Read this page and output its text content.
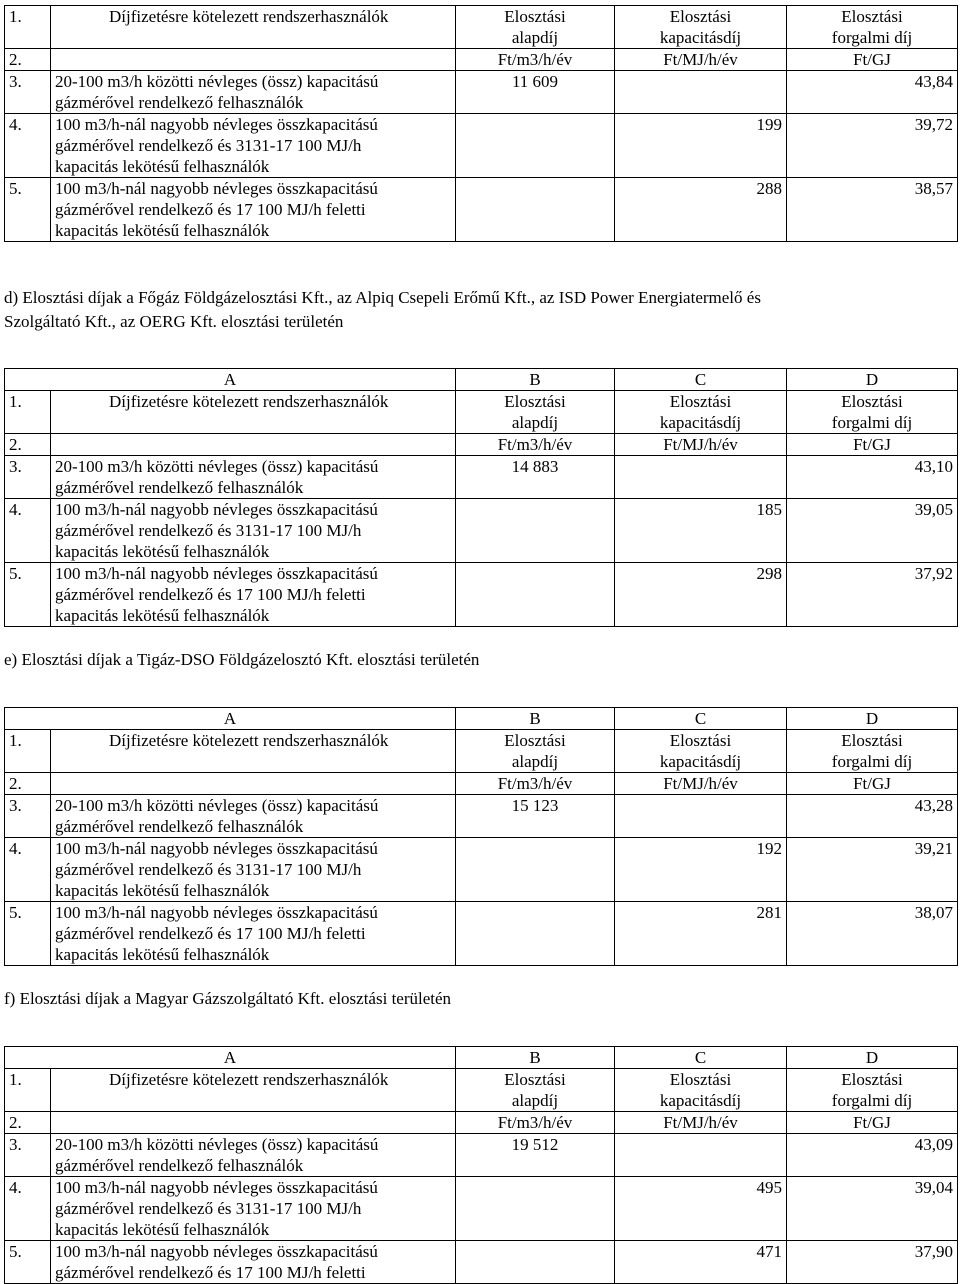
1.	Díjfizetésre kötelezett rendszerhasználók	Elosztási
alapdíj	Elosztási
kapacitásdíj	Elosztási
forgalmi díj

2.		Ft/m3/h/év	Ft/MJ/h/év	Ft/GJ
3.	20-100 m3/h közötti névleges (össz) kapacitású
gázmérővel rendelkező felhasználók	11 609		43,84
4.	100 m3/h-nál nagyobb névleges összkapacitású
gázmérővel rendelkező és 3131-17 100 MJ/h
kapacitás lekötésű felhasználók		199	39,72
5.	100 m3/h-nál nagyobb névleges összkapacitású
gázmérővel rendelkező és 17 100 MJ/h feletti
kapacitás lekötésű felhasználók		288	38,57
A		B	C	D
1.	Díjfizetésre kötelezett rendszerhasználók	Elosztási
alapdíj	Elosztási
kapacitásdíj	Elosztási
forgalmi díj

2.		Ft/m3/h/év	Ft/MJ/h/év	Ft/GJ
3.	20-100 m3/h közötti névleges (össz) kapacitású
gázmérővel rendelkező felhasználók	14 883		43,10
4.	100 m3/h-nál nagyobb névleges összkapacitású
gázmérővel rendelkező és 3131-17 100 MJ/h
kapacitás lekötésű felhasználók		185	39,05
5.	100 m3/h-nál nagyobb névleges összkapacitású
gázmérővel rendelkező és 17 100 MJ/h feletti
kapacitás lekötésű felhasználók		298	37,92
A		B	C	D
1.	Díjfizetésre kötelezett rendszerhasználók	Elosztási
alapdíj	Elosztási
kapacitásdíj	Elosztási
forgalmi díj

2.		Ft/m3/h/év	Ft/MJ/h/év	Ft/GJ
3.	20-100 m3/h közötti névleges (össz) kapacitású
gázmérővel rendelkező felhasználók	15 123		43,28
4.	100 m3/h-nál nagyobb névleges összkapacitású
gázmérővel rendelkező és 3131-17 100 MJ/h
kapacitás lekötésű felhasználók		192	39,21
5.	100 m3/h-nál nagyobb névleges összkapacitású
gázmérővel rendelkező és 17 100 MJ/h feletti
kapacitás lekötésű felhasználók		281	38,07
A		B	C	D
1.	Díjfizetésre kötelezett rendszerhasználók	Elosztási
alapdíj	Elosztási
kapacitásdíj	Elosztási
forgalmi díj

2.		Ft/m3/h/év	Ft/MJ/h/év	Ft/GJ
3.	20-100 m3/h közötti névleges (össz) kapacitású
gázmérővel rendelkező felhasználók	19 512		43,09
4.	100 m3/h-nál nagyobb névleges összkapacitású
gázmérővel rendelkező és 3131-17 100 MJ/h
kapacitás lekötésű felhasználók		495	39,04
5.	100 m3/h-nál nagyobb névleges összkapacitású
gázmérővel rendelkező és 17 100 MJ/h feletti		471	37,90
d) Elosztási díjak a Főgáz Földgázelosztási Kft., az Alpiq Csepeli Erőmű Kft., az ISD Power Energiatermelő és
Szolgáltató Kft., az OERG Kft. elosztási területén
e) Elosztási díjak a Tigáz-DSO Földgázelosztó Kft. elosztási területén
f) Elosztási díjak a Magyar Gázszolgáltató Kft. elosztási területén
